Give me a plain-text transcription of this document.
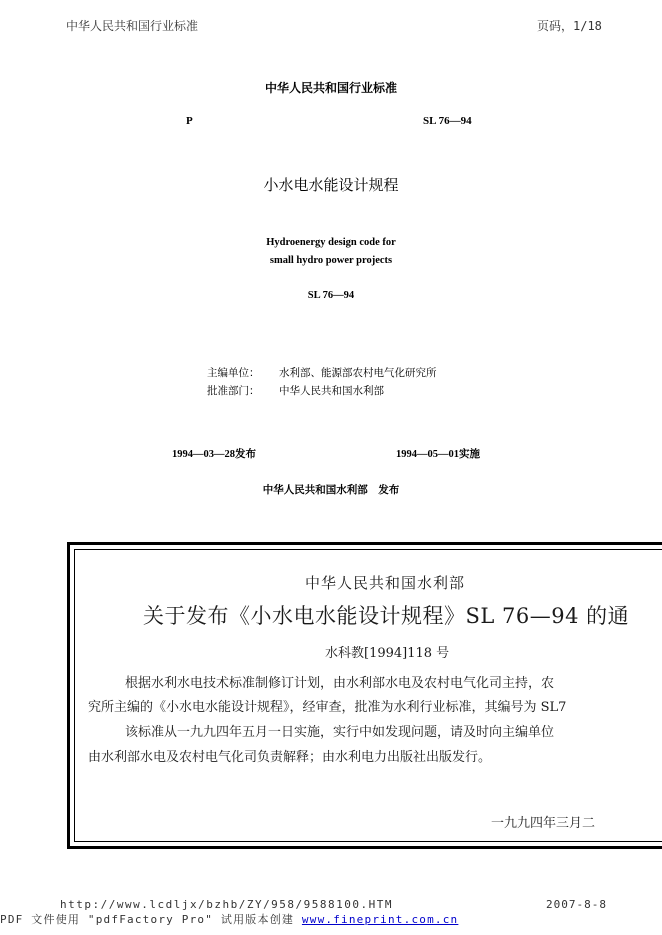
中华人民共和国行业标准	页码，1/18
中华人民共和国行业标准
P	SL 76—94
小水电水能设计规程
Hydroenergy design code for
small hydro power projects
SL 76—94
主编单位： 水利部、能源部农村电气化研究所
批准部门： 中华人民共和国水利部
1994—03—28发布	1994—05—01实施
中华人民共和国水利部　发布
中华人民共和国水利部
关于发布《小水电水能设计规程》SL 76—94 的通
水科教[1994]118 号
根据水利水电技术标准制修订计划，由水利部水电及农村电气化司主持，农
究所主编的《小水电水能设计规程》，经审查，批准为水利行业标准，其编号为 SL7
该标准从一九九四年五月一日实施，实行中如发现问题，请及时向主编单位
由水利部水电及农村电气化司负责解释；由水利电力出版社出版发行。
一九九四年三月二
http://www.lcdljx/bzhb/ZY/958/9588100.HTM	2007-8-8
PDF 文件使用 "pdfFactory Pro" 试用版本创建 www.fineprint.com.cn
